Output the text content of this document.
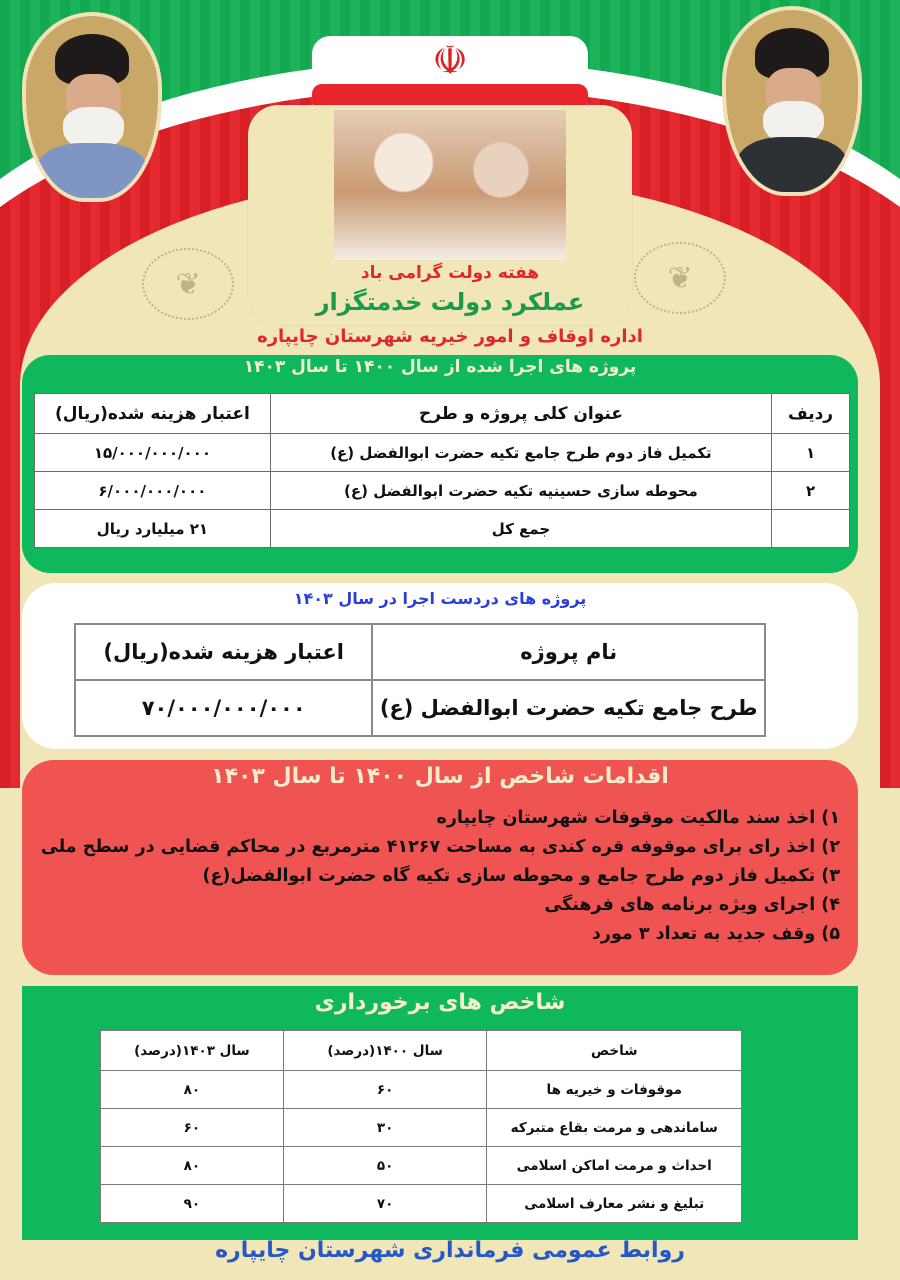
☫
❦	❦
هفته دولت گرامی باد
عملکرد دولت خدمتگزار
اداره اوقاف و امور خیریه شهرستان چایپاره
پروژه های اجرا شده از سال ۱۴۰۰ تا سال ۱۴۰۳
ردیف	عنوان کلی پروژه و طرح	اعتبار هزینه شده(ریال)
۱	تکمیل فاز دوم طرح جامع تکیه حضرت ابوالفضل (ع)	۱۵/۰۰۰/۰۰۰/۰۰۰
۲	محوطه سازی حسینیه تکیه حضرت ابوالفضل (ع)	۶/۰۰۰/۰۰۰/۰۰۰
	جمع کل	۲۱ میلیارد ریال
پروژه های دردست اجرا در سال ۱۴۰۳
نام پروژه	اعتبار هزینه شده(ریال)
طرح جامع تکیه حضرت ابوالفضل (ع)	۷۰/۰۰۰/۰۰۰/۰۰۰
اقدامات شاخص از سال ۱۴۰۰ تا سال ۱۴۰۳
۱) اخذ سند مالکیت موقوفات شهرستان چایپاره
۲) اخذ رای برای موقوفه قره کندی به مساحت ۴۱۲۶۷ مترمربع در محاکم قضایی در سطح ملی
۳) تکمیل فاز دوم طرح جامع و محوطه سازی تکیه گاه حضرت ابوالفضل(ع)
۴) اجرای ویژه برنامه های فرهنگی
۵) وقف جدید به تعداد ۳ مورد
شاخص های برخورداری
شاخص	سال ۱۴۰۰(درصد)	سال ۱۴۰۳(درصد)
موقوفات و خیریه ها	۶۰	۸۰
ساماندهی و مرمت بقاع متبرکه	۳۰	۶۰
احداث و مرمت اماکن اسلامی	۵۰	۸۰
تبلیغ و نشر معارف اسلامی	۷۰	۹۰
روابط عمومی فرمانداری شهرستان چایپاره
